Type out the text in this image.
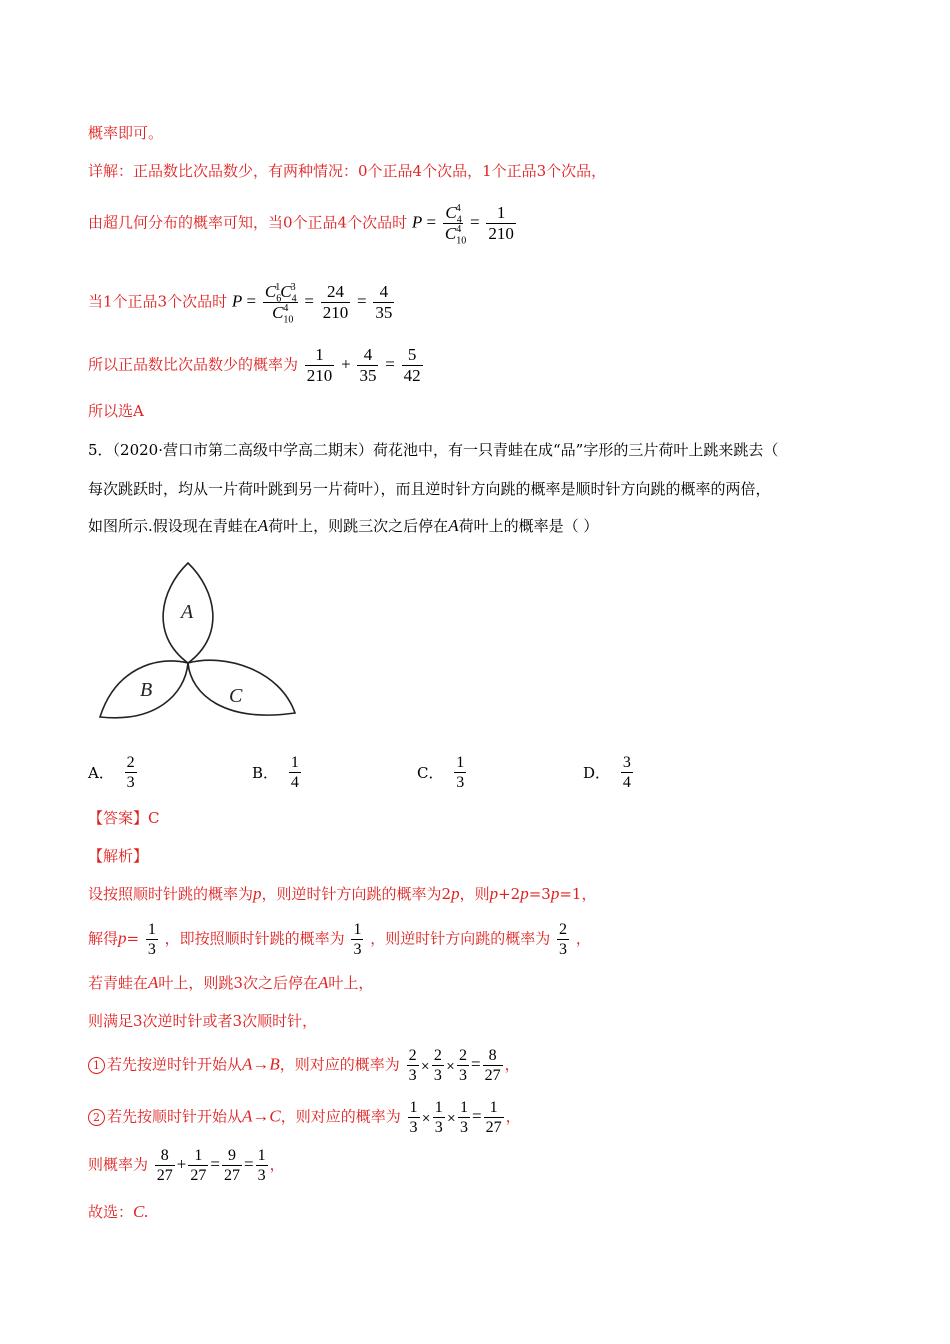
概率即可。
详解：正品数比次品数少，有两种情况：0个正品4个次品，1个正品3个次品，
由超几何分布的概率可知，当0个正品4个次品时 $P = \frac{C_4^4}{C_{10}^4} = \frac{1}{210}$
当1个正品3个次品时 $P = \frac{C_6^1C_4^3}{C_{10}^4} = \frac{24}{210} = \frac{4}{35}$
所以正品数比次品数少的概率为 $\frac{1}{210} + \frac{4}{35} = \frac{5}{42}$
所以选A
5．（2020·营口市第二高级中学高二期末）荷花池中，有一只青蛙在成“品”字形的三片荷叶上跳来跳去（
每次跳跃时，均从一片荷叶跳到另一片荷叶），而且逆时针方向跳的概率是顺时针方向跳的概率的两倍，
如图所示.假设现在青蛙在A荷叶上，则跳三次之后停在A荷叶上的概率是（ ）
A
B	C
A． $\frac{2}{3}$	B． $\frac{1}{4}$	C． $\frac{1}{3}$	D． $\frac{3}{4}$
【答案】C
【解析】
设按照顺时针跳的概率为p，则逆时针方向跳的概率为2p，则p+2p=3p=1，
解得$p= \frac{1}{3}$ ，即按照顺时针跳的概率为 $\frac{1}{3}$ ，则逆时针方向跳的概率为 $\frac{2}{3}$ ，
若青蛙在A叶上，则跳3次之后停在A叶上，
则满足3次逆时针或者3次顺时针，
1 若先按逆时针开始从A→B，则对应的概率为 $\frac{2}{3} \times \frac{2}{3} \times \frac{2}{3} = \frac{8}{27}$ ，
2 若先按顺时针开始从A→C，则对应的概率为 $\frac{1}{3} \times \frac{1}{3} \times \frac{1}{3} = \frac{1}{27}$ ，
则概率为 $\frac{8}{27} + \frac{1}{27} = \frac{9}{27} = \frac{1}{3}$ ，
故选：C.
